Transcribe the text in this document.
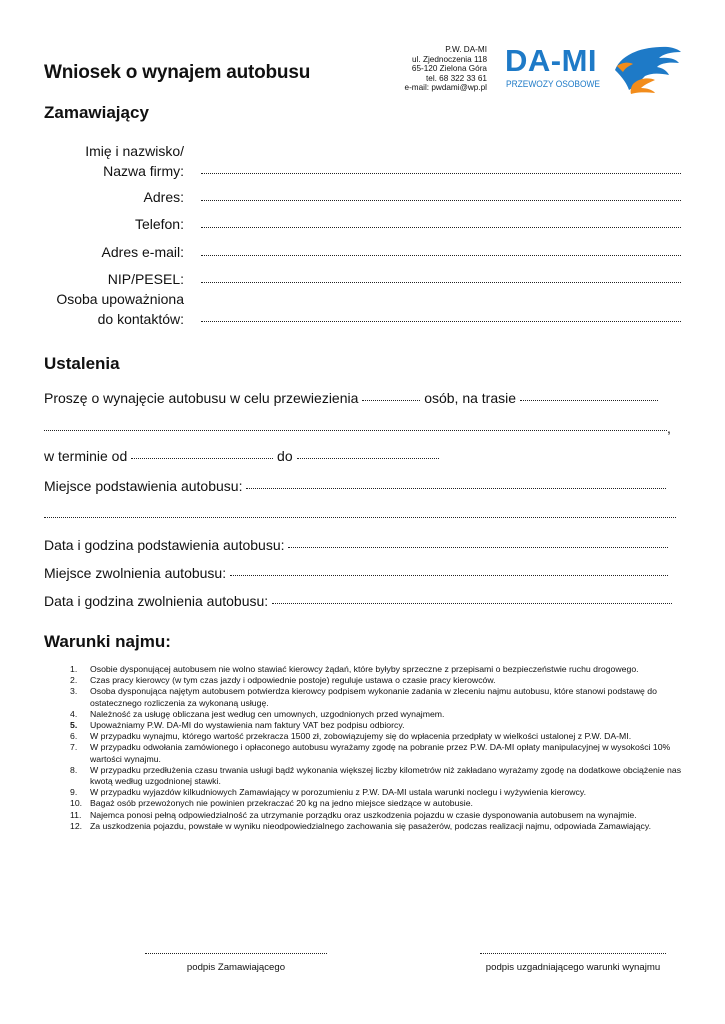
Wniosek o wynajem autobusu
P.W. DA-MI
ul. Zjednoczenia 118
65-120 Zielona Góra
tel. 68 322 33 61
e-mail: pwdami@wp.pl
DA-MI
PRZEWOZY OSOBOWE
Zamawiający
Imię i nazwisko/
Nazwa firmy:
Adres:
Telefon:
Adres e-mail:
NIP/PESEL:
Osoba upoważniona
do kontaktów:
Ustalenia
Proszę o wynajęcie autobusu w celu przewiezienia	osób, na trasie
,
w terminie od	do
Miejsce podstawienia autobusu:
Data i godzina podstawienia autobusu:
Miejsce zwolnienia autobusu:
Data i godzina zwolnienia autobusu:
Warunki najmu:
1. Osobie dysponującej autobusem nie wolno stawiać kierowcy żądań, które byłyby sprzeczne z przepisami o bezpieczeństwie ruchu drogowego.
2. Czas pracy kierowcy (w tym czas jazdy i odpowiednie postoje) reguluje ustawa o czasie pracy kierowców.
3. Osoba dysponująca najętym autobusem potwierdza kierowcy podpisem wykonanie zadania w zleceniu najmu autobusu, które stanowi podstawę do ostatecznego rozliczenia za wykonaną usługę.
4. Należność za usługę obliczana jest według cen umownych, uzgodnionych przed wynajmem.
5. Upoważniamy P.W. DA-MI do wystawienia nam faktury VAT bez podpisu odbiorcy.
6. W przypadku wynajmu, którego wartość przekracza 1500 zł, zobowiązujemy się do wpłacenia przedpłaty w wielkości ustalonej z P.W. DA-MI.
7. W przypadku odwołania zamówionego i opłaconego autobusu wyrażamy zgodę na pobranie przez P.W. DA-MI opłaty manipulacyjnej w wysokości 10% wartości wynajmu.
8. W przypadku przedłużenia czasu trwania usługi bądź wykonania większej liczby kilometrów niż zakładano wyrażamy zgodę na dodatkowe obciążenie nas kwotą według uzgodnionej stawki.
9. W przypadku wyjazdów kilkudniowych Zamawiający w porozumieniu z P.W. DA-MI ustala warunki noclegu i wyżywienia kierowcy.
10. Bagaż osób przewożonych nie powinien przekraczać 20 kg na jedno miejsce siedzące w autobusie.
11. Najemca ponosi pełną odpowiedzialność za utrzymanie porządku oraz uszkodzenia pojazdu w czasie dysponowania autobusem na wynajmie.
12. Za uszkodzenia pojazdu, powstałe w wyniku nieodpowiedzialnego zachowania się pasażerów, podczas realizacji najmu, odpowiada Zamawiający.
podpis Zamawiającego	podpis uzgadniającego warunki wynajmu
